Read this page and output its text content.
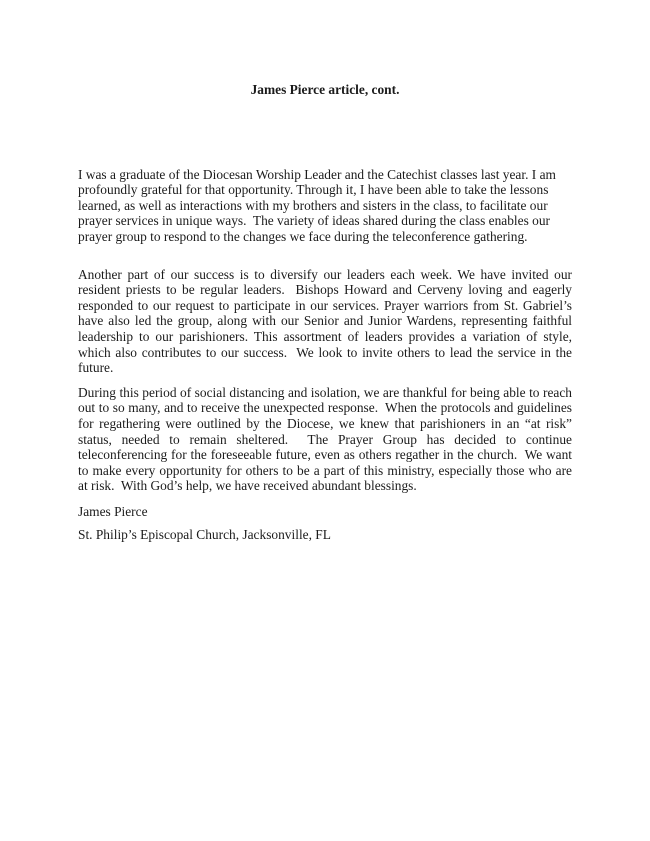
James Pierce article, cont.

I was a graduate of the Diocesan Worship Leader and the Catechist classes last year. I am profoundly grateful for that opportunity. Through it, I have been able to take the lessons learned, as well as interactions with my brothers and sisters in the class, to facilitate our prayer services in unique ways.  The variety of ideas shared during the class enables our prayer group to respond to the changes we face during the teleconference gathering.

Another part of our success is to diversify our leaders each week. We have invited our resident priests to be regular leaders.  Bishops Howard and Cerveny loving and eagerly responded to our request to participate in our services. Prayer warriors from St. Gabriel’s have also led the group, along with our Senior and Junior Wardens, representing faithful leadership to our parishioners. This assortment of leaders provides a variation of style, which also contributes to our success.  We look to invite others to lead the service in the future.

During this period of social distancing and isolation, we are thankful for being able to reach out to so many, and to receive the unexpected response.  When the protocols and guidelines for regathering were outlined by the Diocese, we knew that parishioners in an “at risk” status, needed to remain sheltered.  The Prayer Group has decided to continue teleconferencing for the foreseeable future, even as others regather in the church.  We want to make every opportunity for others to be a part of this ministry, especially those who are at risk.  With God’s help, we have received abundant blessings.

James Pierce

St. Philip’s Episcopal Church, Jacksonville, FL
